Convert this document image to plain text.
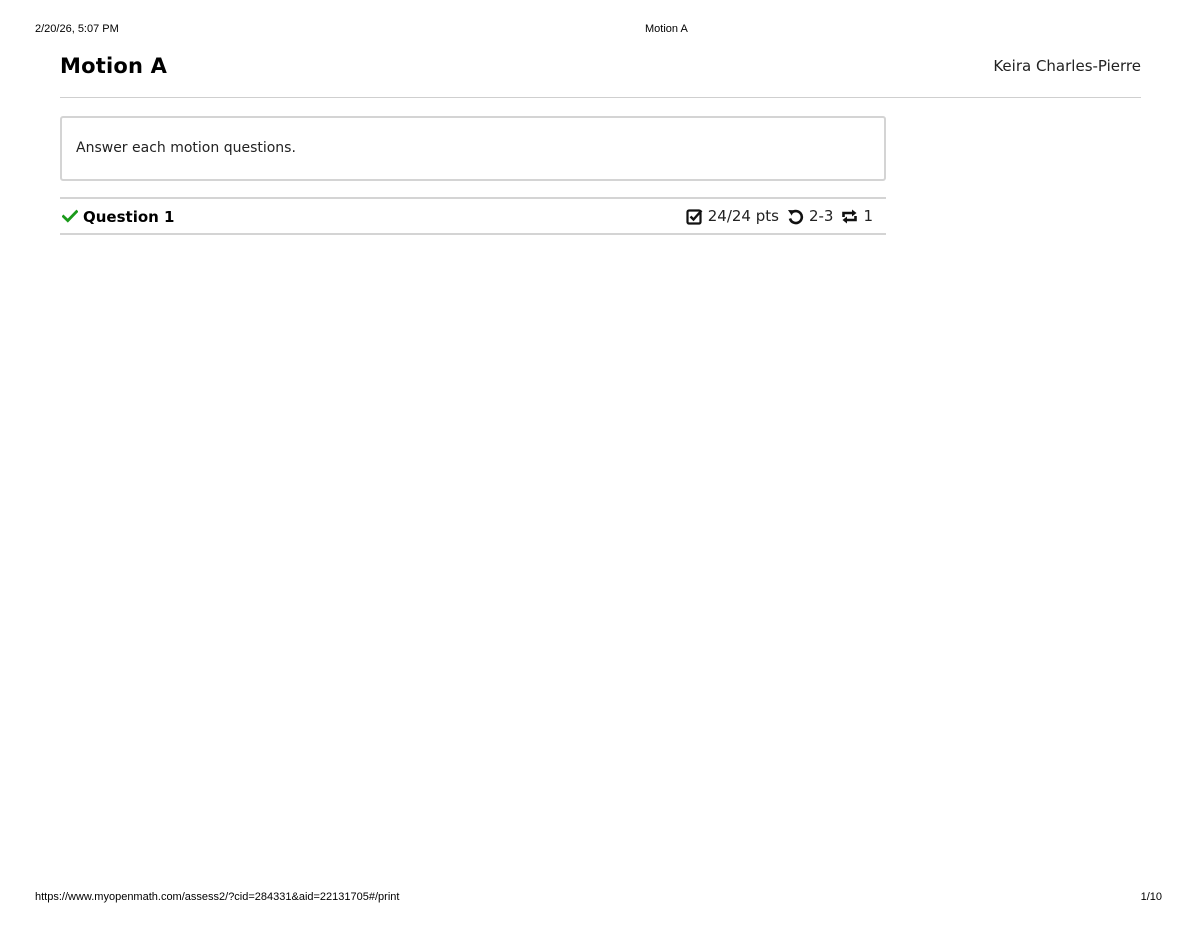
2/20/26, 5:07 PM	Motion A
Motion A	Keira Charles-Pierre
Answer each motion questions.
Question 1	24/24 pts 2-3 1
https://www.myopenmath.com/assess2/?cid=284331&aid=22131705#/print	1/10
